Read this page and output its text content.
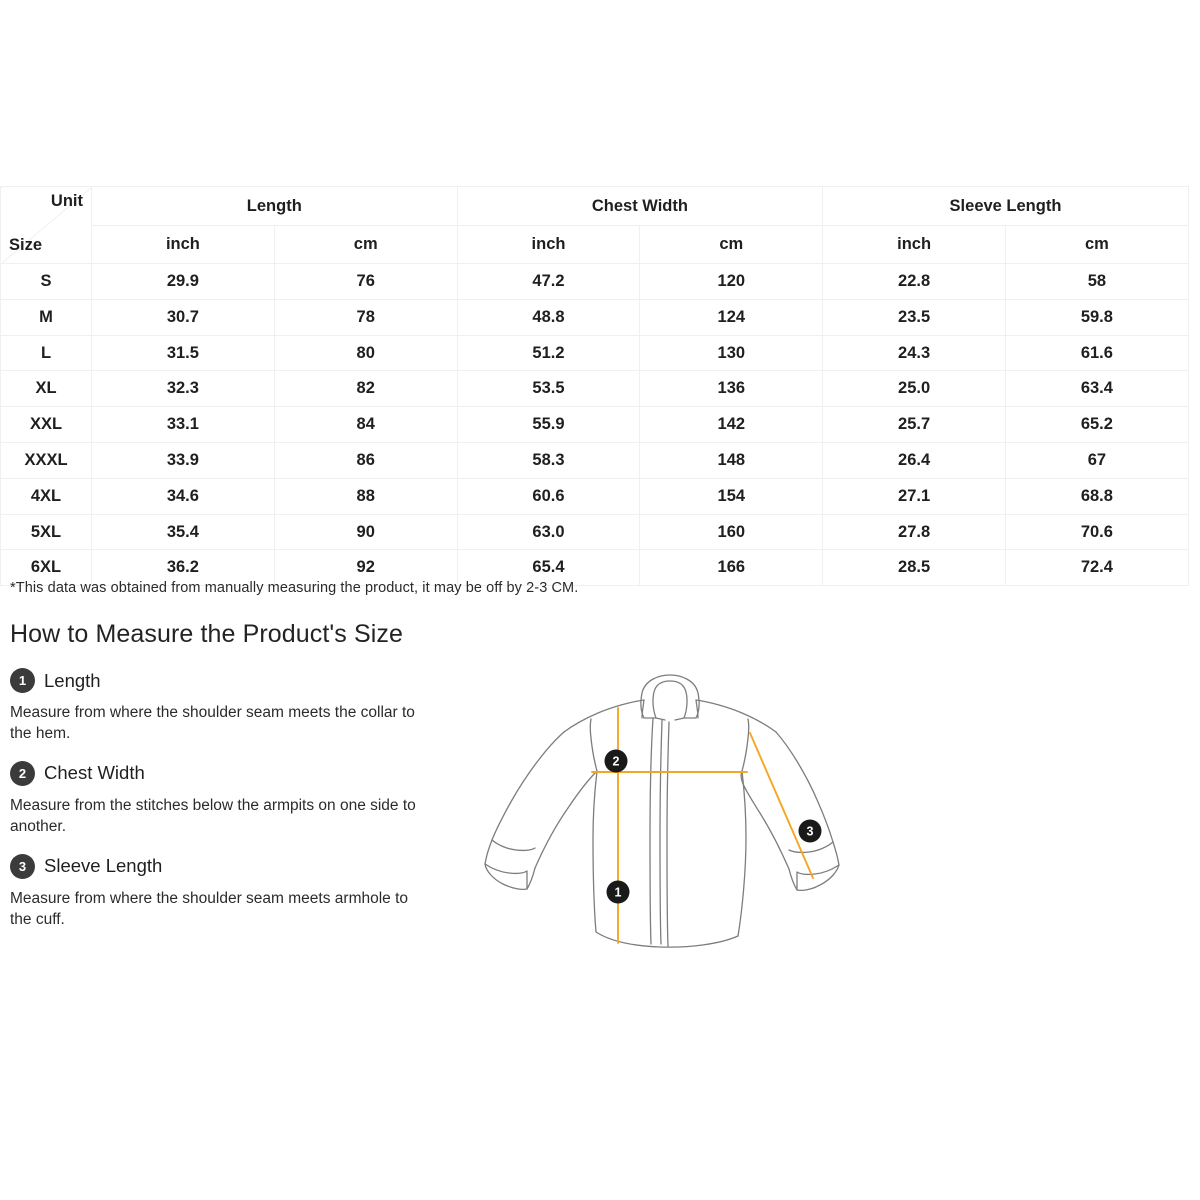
Unit
Size	Length		Chest Width		Sleeve Length	
	inch	cm	inch	cm	inch	cm
S	29.9	76	47.2	120	22.8	58
M	30.7	78	48.8	124	23.5	59.8
L	31.5	80	51.2	130	24.3	61.6
XL	32.3	82	53.5	136	25.0	63.4
XXL	33.1	84	55.9	142	25.7	65.2
XXXL	33.9	86	58.3	148	26.4	67
4XL	34.6	88	60.6	154	27.1	68.8
5XL	35.4	90	63.0	160	27.8	70.6
6XL	36.2	92	65.4	166	28.5	72.4
*This data was obtained from manually measuring the product, it may be off by 2-3 CM.
How to Measure the Product's Size
1 Length

Measure from where the shoulder seam meets the collar to the hem.

2 Chest Width

Measure from the stitches below the armpits on one side to another.

3 Sleeve Length

Measure from where the shoulder seam meets armhole to the cuff.

1
2
3
